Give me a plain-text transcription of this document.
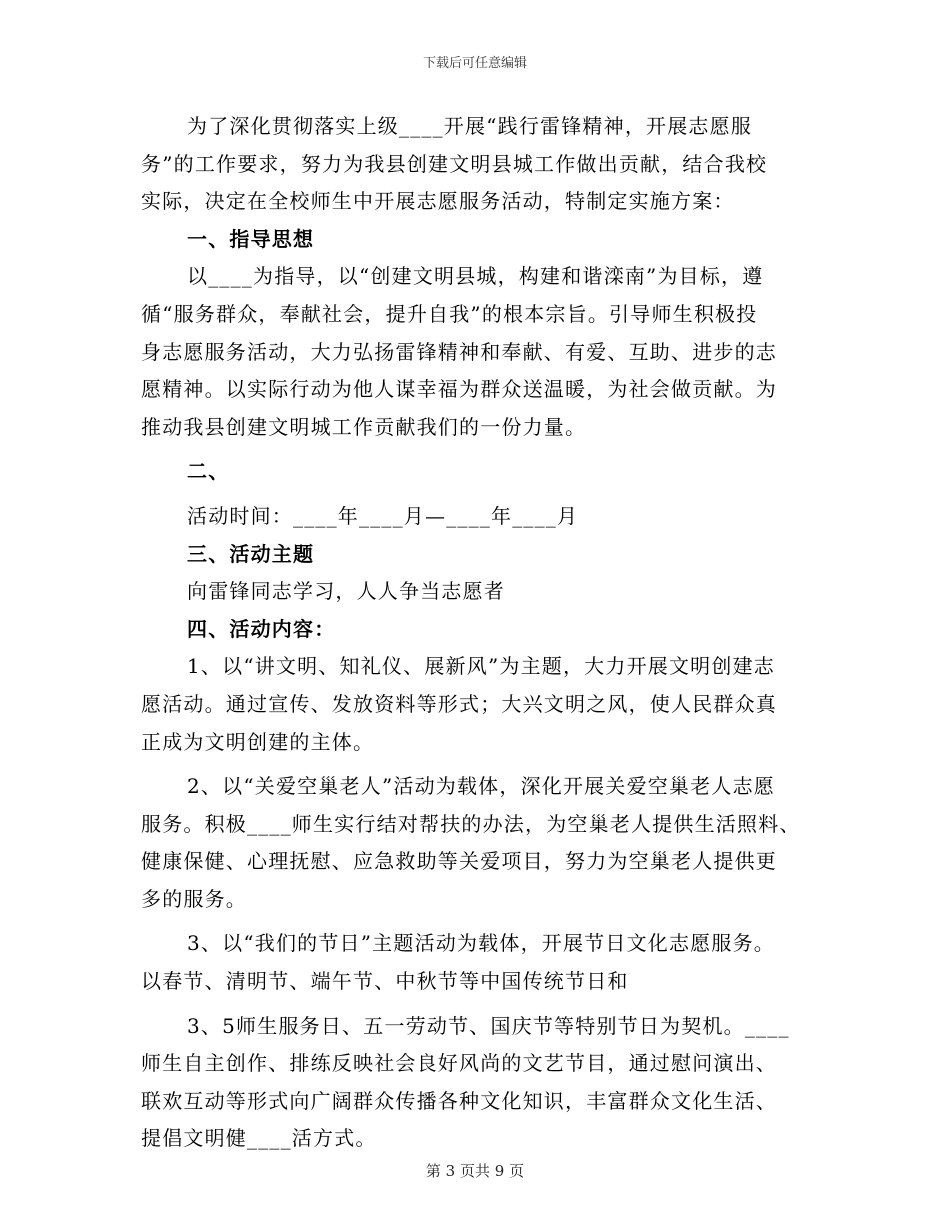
下载后可任意编辑
为了深化贯彻落实上级____开展“践行雷锋精神，开展志愿服
务”的工作要求，努力为我县创建文明县城工作做出贡献，结合我校
实际，决定在全校师生中开展志愿服务活动，特制定实施方案：
一、指导思想
以____为指导，以“创建文明县城，构建和谐滦南”为目标，遵
循“服务群众，奉献社会，提升自我”的根本宗旨。引导师生积极投
身志愿服务活动，大力弘扬雷锋精神和奉献、有爱、互助、进步的志
愿精神。以实际行动为他人谋幸福为群众送温暖，为社会做贡献。为
推动我县创建文明城工作贡献我们的一份力量。
二、
活动时间：____年____月—____年____月
三、活动主题
向雷锋同志学习，人人争当志愿者
四、活动内容：
1、以“讲文明、知礼仪、展新风”为主题，大力开展文明创建志
愿活动。通过宣传、发放资料等形式；大兴文明之风，使人民群众真
正成为文明创建的主体。
2、以“关爱空巢老人”活动为载体，深化开展关爱空巢老人志愿
服务。积极____师生实行结对帮扶的办法，为空巢老人提供生活照料、
健康保健、心理抚慰、应急救助等关爱项目，努力为空巢老人提供更
多的服务。
3、以“我们的节日”主题活动为载体，开展节日文化志愿服务。
以春节、清明节、端午节、中秋节等中国传统节日和
3、5师生服务日、五一劳动节、国庆节等特别节日为契机。____
师生自主创作、排练反映社会良好风尚的文艺节目，通过慰问演出、
联欢互动等形式向广阔群众传播各种文化知识，丰富群众文化生活、
提倡文明健____活方式。
第 3 页共 9 页
